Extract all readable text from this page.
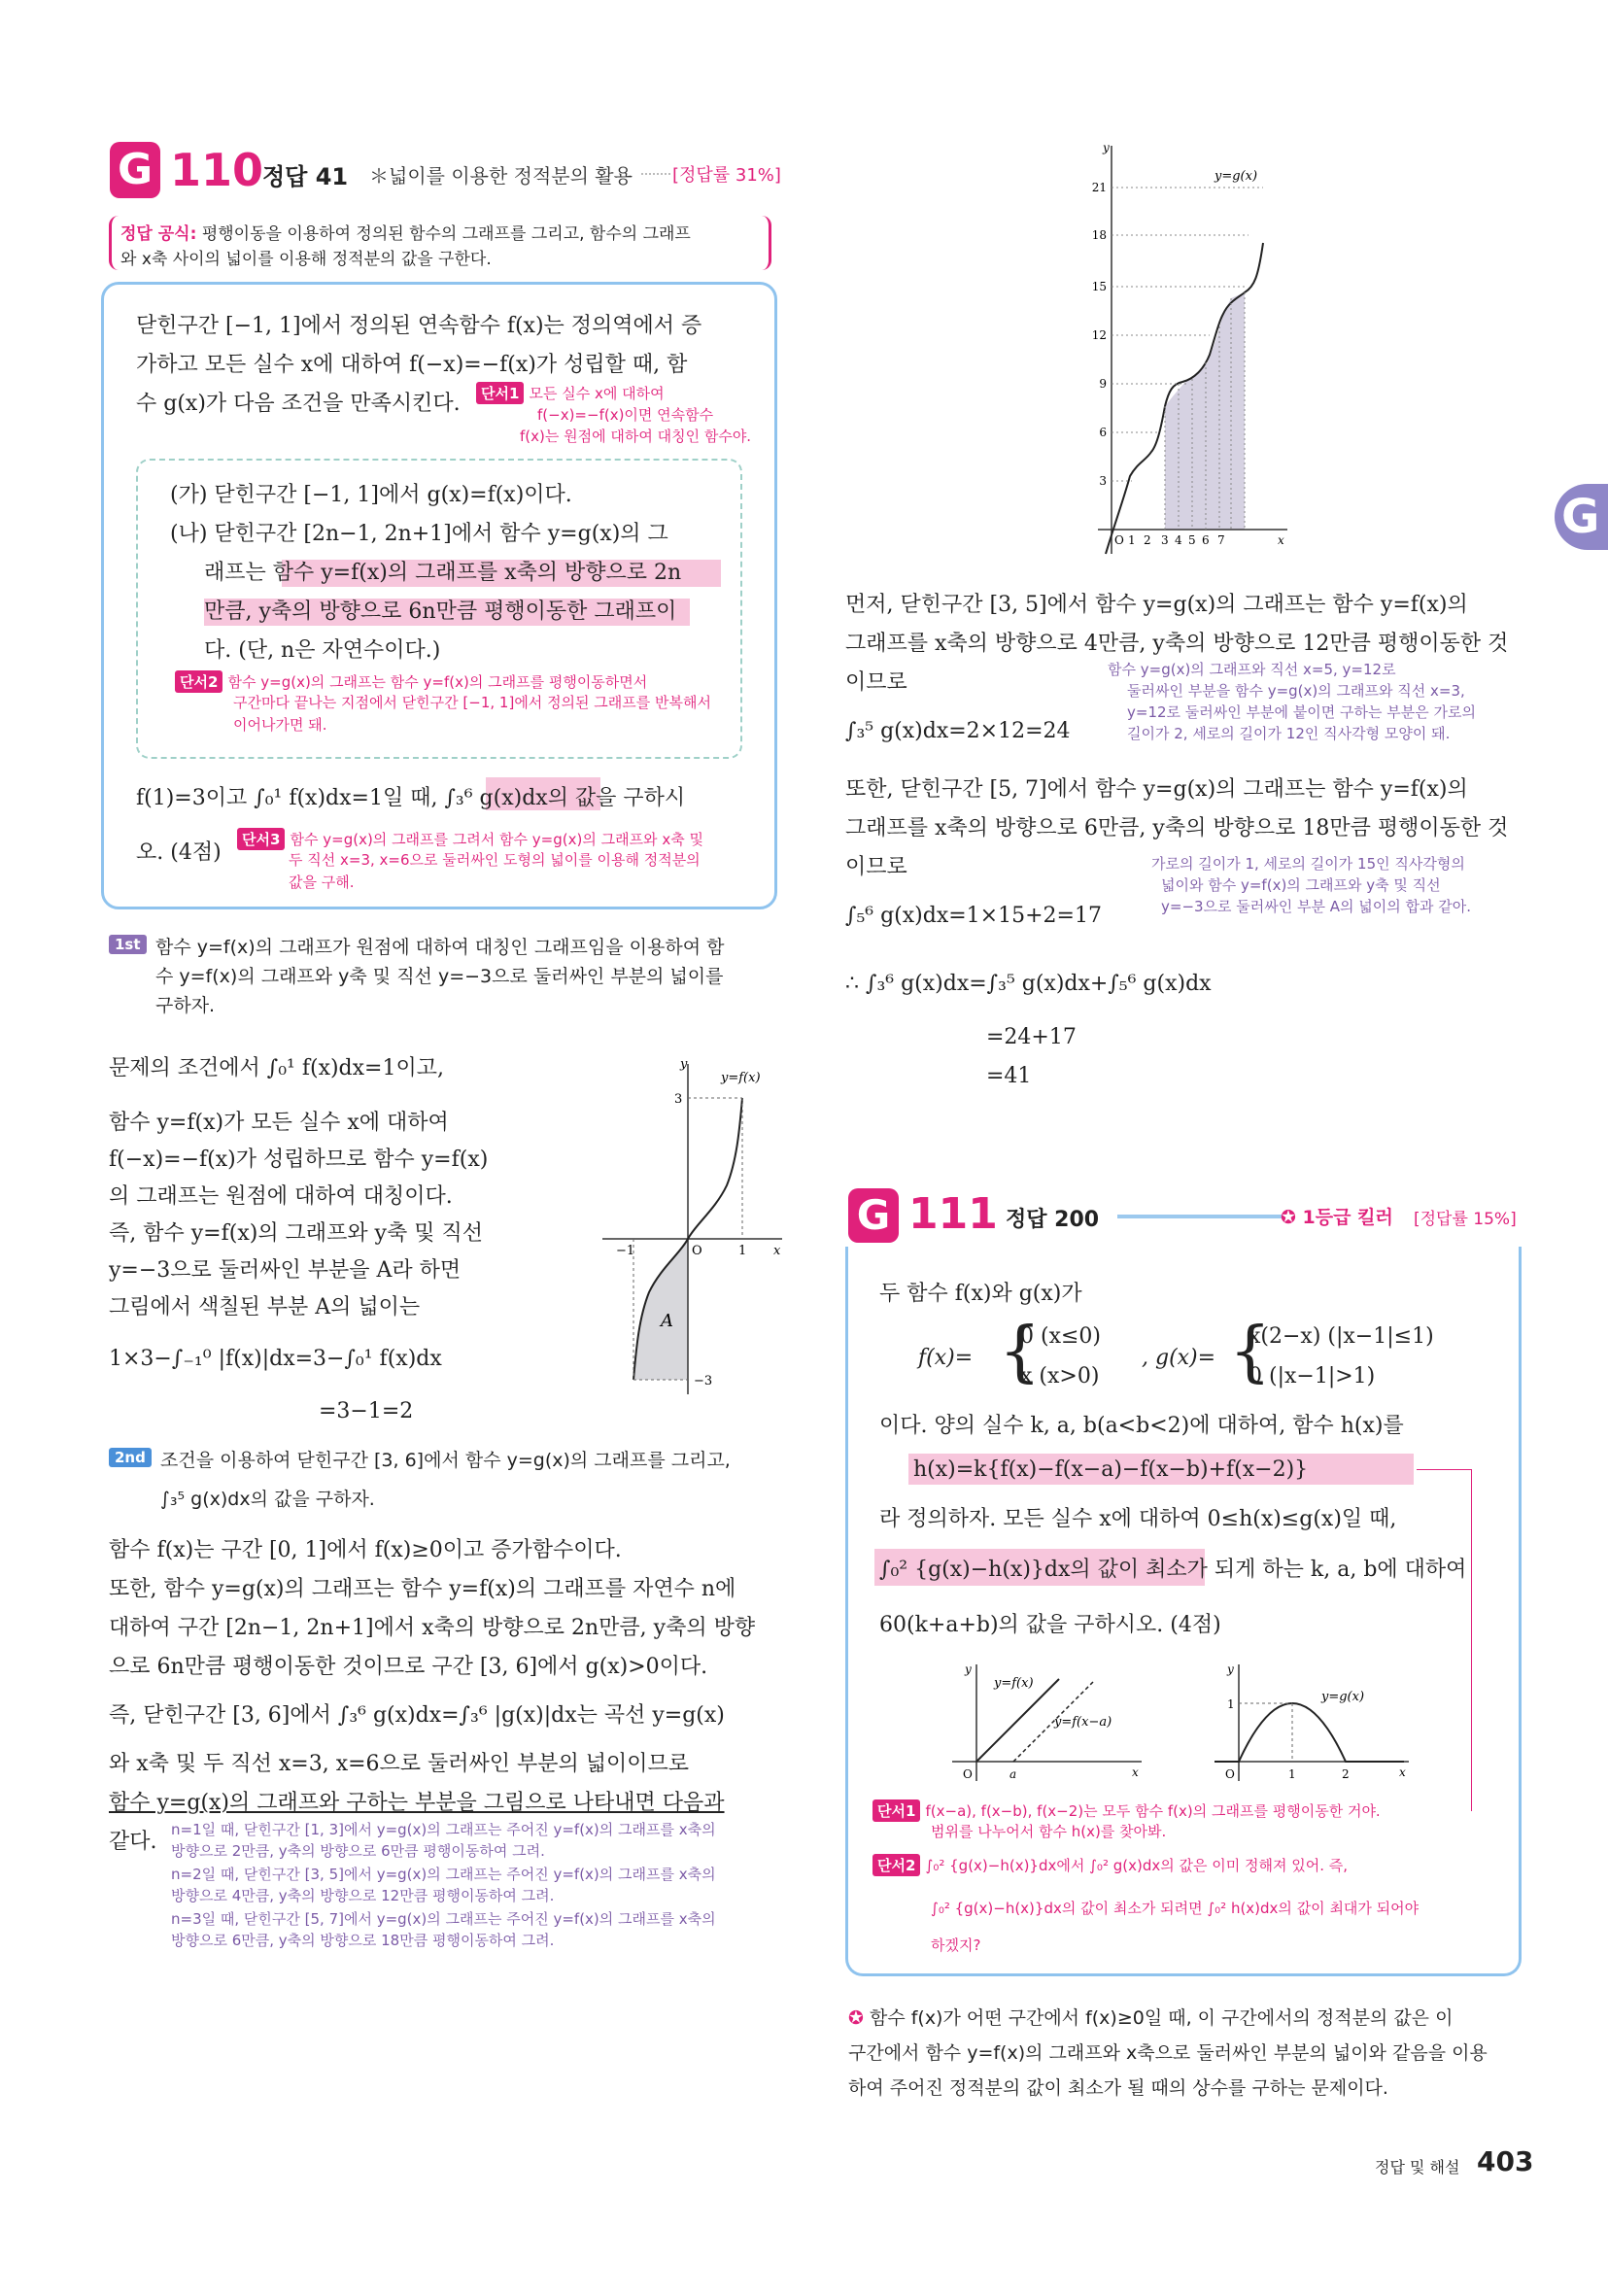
G 110
정답 41 ＊넓이를 이용한 정적분의 활용 [정답률 31%]
정답 공식: 평행이동을 이용하여 정의된 함수의 그래프를 그리고, 함수의 그래프
와 x축 사이의 넓이를 이용해 정적분의 값을 구한다.
닫힌구간 [−1, 1]에서 정의된 연속함수 f(x)는 정의역에서 증
가하고 모든 실수 x에 대하여 f(−x)=−f(x)가 성립할 때, 함
수 g(x)가 다음 조건을 만족시킨다.	단서1 모든 실수 x에 대하여
f(−x)=−f(x)이면 연속함수
f(x)는 원점에 대하여 대칭인 함수야.
(가) 닫힌구간 [−1, 1]에서 g(x)=f(x)이다.
(나) 닫힌구간 [2n−1, 2n+1]에서 함수 y=g(x)의 그
래프는 함수 y=f(x)의 그래프를 x축의 방향으로 2n
만큼, y축의 방향으로 6n만큼 평행이동한 그래프이
다. (단, n은 자연수이다.)
단서2 함수 y=g(x)의 그래프는 함수 y=f(x)의 그래프를 평행이동하면서
구간마다 끝나는 지점에서 닫힌구간 [−1, 1]에서 정의된 그래프를 반복해서
이어나가면 돼.
f(1)=3이고 ∫₀¹ f(x)dx=1일 때, ∫₃⁶ g(x)dx의 값을 구하시
오. (4점)
단서3 함수 y=g(x)의 그래프를 그려서 함수 y=g(x)의 그래프와 x축 및
두 직선 x=3, x=6으로 둘러싸인 도형의 넓이를 이용해 정적분의
값을 구해.
1st 함수 y=f(x)의 그래프가 원점에 대하여 대칭인 그래프임을 이용하여 함
수 y=f(x)의 그래프와 y축 및 직선 y=−3으로 둘러싸인 부분의 넓이를
구하자.
문제의 조건에서 ∫₀¹ f(x)dx=1이고,
함수 y=f(x)가 모든 실수 x에 대하여
f(−x)=−f(x)가 성립하므로 함수 y=f(x)
의 그래프는 원점에 대하여 대칭이다.
즉, 함수 y=f(x)의 그래프와 y축 및 직선
y=−3으로 둘러싸인 부분을 A라 하면
그림에서 색칠된 부분 A의 넓이는
1×3−∫₋₁⁰ |f(x)|dx=3−∫₀¹ f(x)dx
=3−1=2
y
y=f(x)
3
−3
−1	1
O	x
A
2nd 조건을 이용하여 닫힌구간 [3, 6]에서 함수 y=g(x)의 그래프를 그리고,
∫₃⁵ g(x)dx의 값을 구하자.
함수 f(x)는 구간 [0, 1]에서 f(x)≥0이고 증가함수이다.
또한, 함수 y=g(x)의 그래프는 함수 y=f(x)의 그래프를 자연수 n에
대하여 구간 [2n−1, 2n+1]에서 x축의 방향으로 2n만큼, y축의 방향
으로 6n만큼 평행이동한 것이므로 구간 [3, 6]에서 g(x)>0이다.
즉, 닫힌구간 [3, 6]에서 ∫₃⁶ g(x)dx=∫₃⁶ |g(x)|dx는 곡선 y=g(x)
와 x축 및 두 직선 x=3, x=6으로 둘러싸인 부분의 넓이이므로
함수 y=g(x)의 그래프와 구하는 부분을 그림으로 나타내면 다음과
같다. n=1일 때, 닫힌구간 [1, 3]에서 y=g(x)의 그래프는 주어진 y=f(x)의 그래프를 x축의
방향으로 2만큼, y축의 방향으로 6만큼 평행이동하여 그려.
n=2일 때, 닫힌구간 [3, 5]에서 y=g(x)의 그래프는 주어진 y=f(x)의 그래프를 x축의
방향으로 4만큼, y축의 방향으로 12만큼 평행이동하여 그려.
n=3일 때, 닫힌구간 [5, 7]에서 y=g(x)의 그래프는 주어진 y=f(x)의 그래프를 x축의
방향으로 6만큼, y축의 방향으로 18만큼 평행이동하여 그려.
y
y=g(x)
21
18
15
12
9
6
3
O 1 2 3 4 5 6 7	x
먼저, 닫힌구간 [3, 5]에서 함수 y=g(x)의 그래프는 함수 y=f(x)의
그래프를 x축의 방향으로 4만큼, y축의 방향으로 12만큼 평행이동한 것
이므로
∫₃⁵ g(x)dx=2×12=24
함수 y=g(x)의 그래프와 직선 x=5, y=12로
둘러싸인 부분을 함수 y=g(x)의 그래프와 직선 x=3,
y=12로 둘러싸인 부분에 붙이면 구하는 부분은 가로의
길이가 2, 세로의 길이가 12인 직사각형 모양이 돼.
또한, 닫힌구간 [5, 7]에서 함수 y=g(x)의 그래프는 함수 y=f(x)의
그래프를 x축의 방향으로 6만큼, y축의 방향으로 18만큼 평행이동한 것
이므로
∫₅⁶ g(x)dx=1×15+2=17
가로의 길이가 1, 세로의 길이가 15인 직사각형의
넓이와 함수 y=f(x)의 그래프와 y축 및 직선
y=−3으로 둘러싸인 부분 A의 넓이의 합과 같아.
∴ ∫₃⁶ g(x)dx=∫₃⁵ g(x)dx+∫₅⁶ g(x)dx
=24+17
=41
G 111 정답 200	✪ 1등급 킬러 [정답률 15%]
두 함수 f(x)와 g(x)가
f(x)= {
0 (x≤0)
x (x>0)
, g(x)= {
x(2−x) (|x−1|≤1)
0 (|x−1|>1)
이다. 양의 실수 k, a, b(a<b<2)에 대하여, 함수 h(x)를
h(x)=k{f(x)−f(x−a)−f(x−b)+f(x−2)}
라 정의하자. 모든 실수 x에 대하여 0≤h(x)≤g(x)일 때,
∫₀² {g(x)−h(x)}dx의 값이 최소가 되게 하는 k, a, b에 대하여
60(k+a+b)의 값을 구하시오. (4점)
y
y=f(x)
y=f(x−a)
O	a	x
y
y=g(x)
1
O	1	2	x
단서1 f(x−a), f(x−b), f(x−2)는 모두 함수 f(x)의 그래프를 평행이동한 거야.
범위를 나누어서 함수 h(x)를 찾아봐.
단서2 ∫₀² {g(x)−h(x)}dx에서 ∫₀² g(x)dx의 값은 이미 정해져 있어. 즉,
∫₀² {g(x)−h(x)}dx의 값이 최소가 되려면 ∫₀² h(x)dx의 값이 최대가 되어야
하겠지?
✪ 함수 f(x)가 어떤 구간에서 f(x)≥0일 때, 이 구간에서의 정적분의 값은 이
구간에서 함수 y=f(x)의 그래프와 x축으로 둘러싸인 부분의 넓이와 같음을 이용
하여 주어진 정적분의 값이 최소가 될 때의 상수를 구하는 문제이다.
G
정답 및 해설 403
